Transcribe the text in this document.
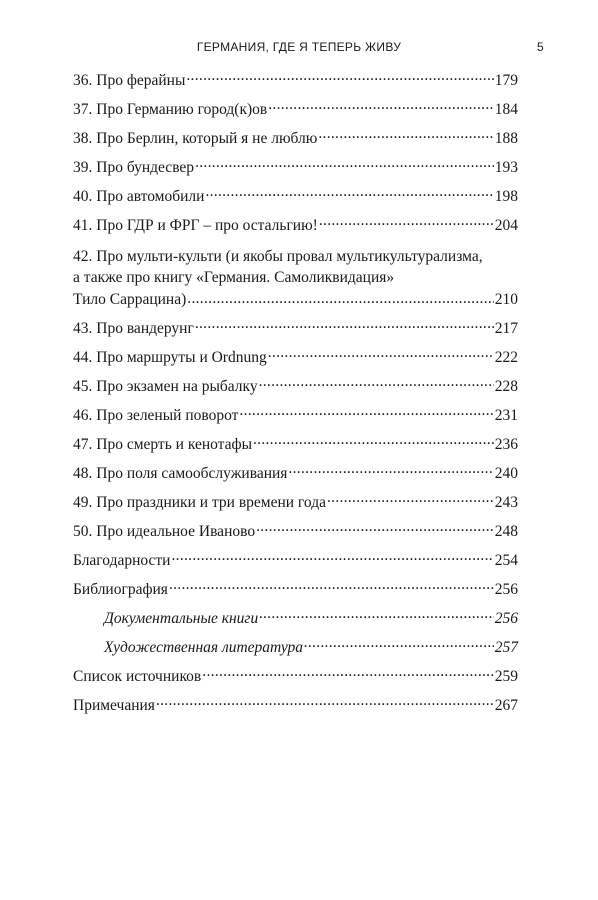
ГЕРМАНИЯ, ГДЕ Я ТЕПЕРЬ ЖИВУ	5
36. Про ферайны .....	179
37. Про Германию город(к)ов .....	184
38. Про Берлин, который я не люблю .....	188
39. Про бундесвер .....	193
40. Про автомобили .....	198
41. Про ГДР и ФРГ – про остальгию! .....	204
42. Про мульти-культи (и якобы провал мультикультурализма,
а также про книгу «Германия. Самоликвидация»
Тило Саррацина) .....	210
43. Про вандерунг .....	217
44. Про маршруты и Ordnung .....	222
45. Про экзамен на рыбалку .....	228
46. Про зеленый поворот .....	231
47. Про смерть и кенотафы .....	236
48. Про поля самообслуживания .....	240
49. Про праздники и три времени года .....	243
50. Про идеальное Иваново .....	248
Благодарности .....	254
Библиография .....	256
Документальные книги .....	256
Художественная литература .....	257
Список источников .....	259
Примечания .....	267
